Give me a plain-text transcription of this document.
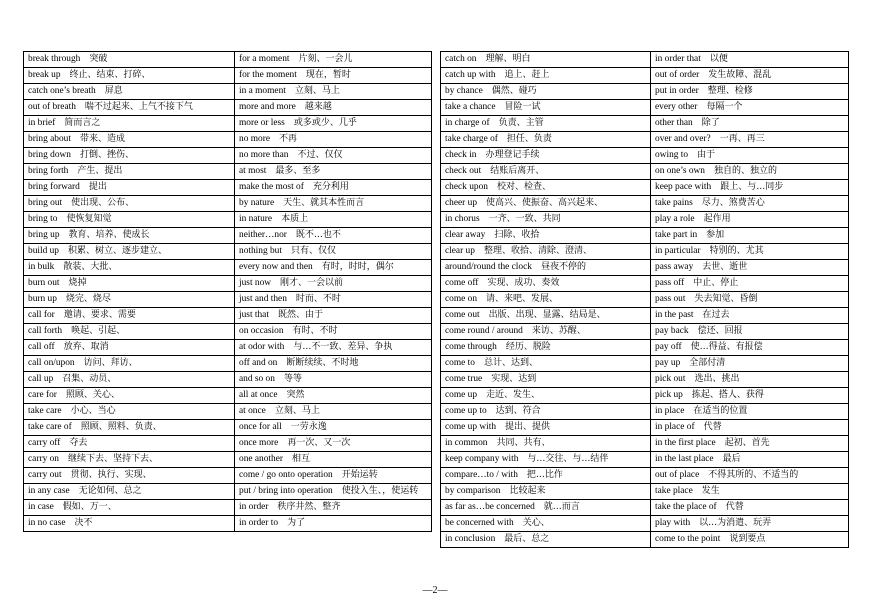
break through 突破	for a moment 片刻、一会儿
break up 终止、结束、打碎、	for the moment 现在，暂时
catch one’s breath 屏息	in a moment 立刻、马上
out of breath 喘不过起来、上气不接下气	more and more 越来越
in brief 简而言之	more or less 或多或少、几乎
bring about 带来、造成	no more 不再
bring down 打倒、挫伤、	no more than 不过、仅仅
bring forth 产生、提出	at most 最多、至多
bring forward 提出	make the most of 充分利用
bring out 使出现、公布、	by nature 天生、就其本性而言
bring to 使恢复知觉	in nature 本质上
bring up 教育、培养、使成长	neither…nor 既不…也不
build up 积累、树立、逐步建立、	nothing but 只有、仅仅
in bulk 散装、大批、	every now and then 有时，时时，偶尔
burn out 烧掉	just now 刚才、一会以前
burn up 烧完、烧尽	just and then 时而、不时
call for 邀请、要求、需要	just that 既然、由于
call forth 唤起、引起、	on occasion 有时、不时
call off 放弃、取消	at odor with 与…不一致、差异、争执
call on/upon 访问、拜访、	off and on 断断续续、不时地
call up 召集、动员、	and so on 等等
care for 照顾、关心、	all at once 突然
take care 小心、当心	at once 立刻、马上
take care of 照顾、照料、负责、	once for all 一劳永逸
carry off 夺去	once more 再一次、又一次
carry on 继续下去、坚持下去、	one another 相互
carry out 贯彻、执行、实现、	come / go onto operation 开始运转
in any case 无论如何、总之	put / bring into operation 使投入生、，使运转
in case 假如、万一、	in order 秩序井然、整齐
in no case 决不	in order to 为了
catch on 理解、明白	in order that 以便
catch up with 追上、赶上	out of order 发生故障、混乱
by chance 偶然、碰巧	put in order 整理、检修
take a chance 冒险一试	every other 每隔一个
in charge of 负责、主管	other than 除了
take charge of 担任、负责	over and over? 一再、再三
check in 办理登记手续	owing to 由于
check out 结账后离开、	on one’s own 独自的、独立的
check upon 校对、检查、	keep pace with 跟上、与…同步
cheer up 使高兴、使振奋、高兴起来、	take pains 尽力、煞费苦心
in chorus 一齐、一致、共同	play a role 起作用
clear away 扫除、收拾	take part in 参加
clear up 整理、收拾、清除、澄清、	in particular 特别的、尤其
around/round the clock 昼夜不停的	pass away 去世、逝世
come off 实现、成功、奏效	pass off 中止、停止
come on 请、来吧、发展、	pass out 失去知觉、昏倒
come out 出版、出现、显露、结局是、	in the past 在过去
come round / around 来访、苏醒、	pay back 偿还、回报
come through 经历、脱险	pay off 使…得益、有报偿
come to 总计、达到、	pay up 全部付清
come true 实现、达到	pick out 选出、挑出
come up 走近、发生、	pick up 拣起、搭人、获得
come up to 达到、符合	in place 在适当的位置
come up with 提出、提供	in place of 代替
in common 共同、共有、	in the first place 起初、首先
keep company with 与…交往、与…结伴	in the last place 最后
compare…to / with 把…比作	out of place 不得其所的、不适当的
by comparison 比较起来	take place 发生
as far as…be concerned 就…而言	take the place of 代替
be concerned with 关心、	play with 以…为消遣、玩弄
in conclusion 最后、总之	come to the point 说到要点
—2—
